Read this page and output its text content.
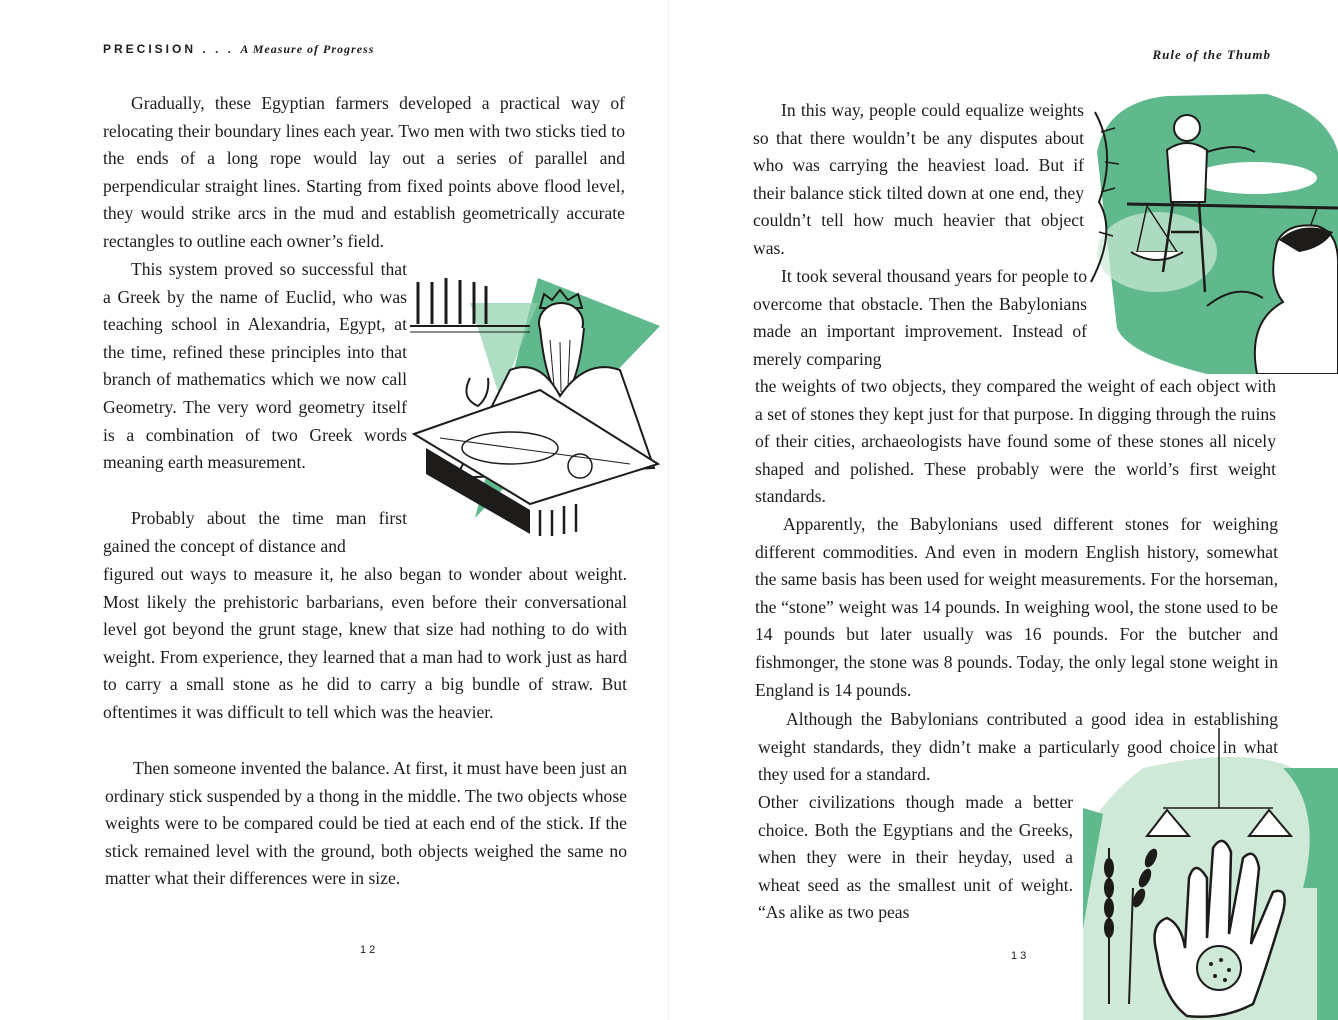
PRECISION . . . A Measure of Progress

Gradually, these Egyptian farmers developed a practical way of relocating their boundary lines each year. Two men with two sticks tied to the ends of a long rope would lay out a series of parallel and perpendicular straight lines. Starting from fixed points above flood level, they would strike arcs in the mud and establish geometrically accurate rectangles to outline each owner’s field.

This system proved so successful that a Greek by the name of Euclid, who was teaching school in Alexandria, Egypt, at the time, refined these principles into that branch of mathematics which we now call Geometry. The very word geometry itself is a combination of two Greek words meaning earth measurement.

Probably about the time man first gained the concept of distance and

figured out ways to measure it, he also began to wonder about weight. Most likely the prehistoric barbarians, even before their conversational level got beyond the grunt stage, knew that size had nothing to do with weight. From experience, they learned that a man had to work just as hard to carry a small stone as he did to carry a big bundle of straw. But oftentimes it was difficult to tell which was the heavier.

Then someone invented the balance. At first, it must have been just an ordinary stick suspended by a thong in the middle. The two objects whose weights were to be compared could be tied at each end of the stick. If the stick remained level with the ground, both objects weighed the same no matter what their differences were in size.

12
Rule of the Thumb

In this way, people could equalize weights so that there wouldn’t be any disputes about who was carrying the heaviest load. But if their balance stick tilted down at one end, they couldn’t tell how much heavier that object was.

It took several thousand years for people to overcome that obstacle. Then the Babylonians made an important improvement. Instead of merely comparing

the weights of two objects, they compared the weight of each object with a set of stones they kept just for that purpose. In digging through the ruins of their cities, archaeologists have found some of these stones all nicely shaped and polished. These probably were the world’s first weight standards.

Apparently, the Babylonians used different stones for weighing different commodities. And even in modern English history, somewhat the same basis has been used for weight measurements. For the horseman, the “stone” weight was 14 pounds. In weighing wool, the stone used to be 14 pounds but later usually was 16 pounds. For the butcher and fishmonger, the stone was 8 pounds. Today, the only legal stone weight in England is 14 pounds.

Although the Babylonians contributed a good idea in establishing weight standards, they didn’t make a particularly good choice in what they used for a standard.

Other civilizations though made a better choice. Both the Egyptians and the Greeks, when they were in their heyday, used a wheat seed as the smallest unit of weight. “As alike as two peas

13
